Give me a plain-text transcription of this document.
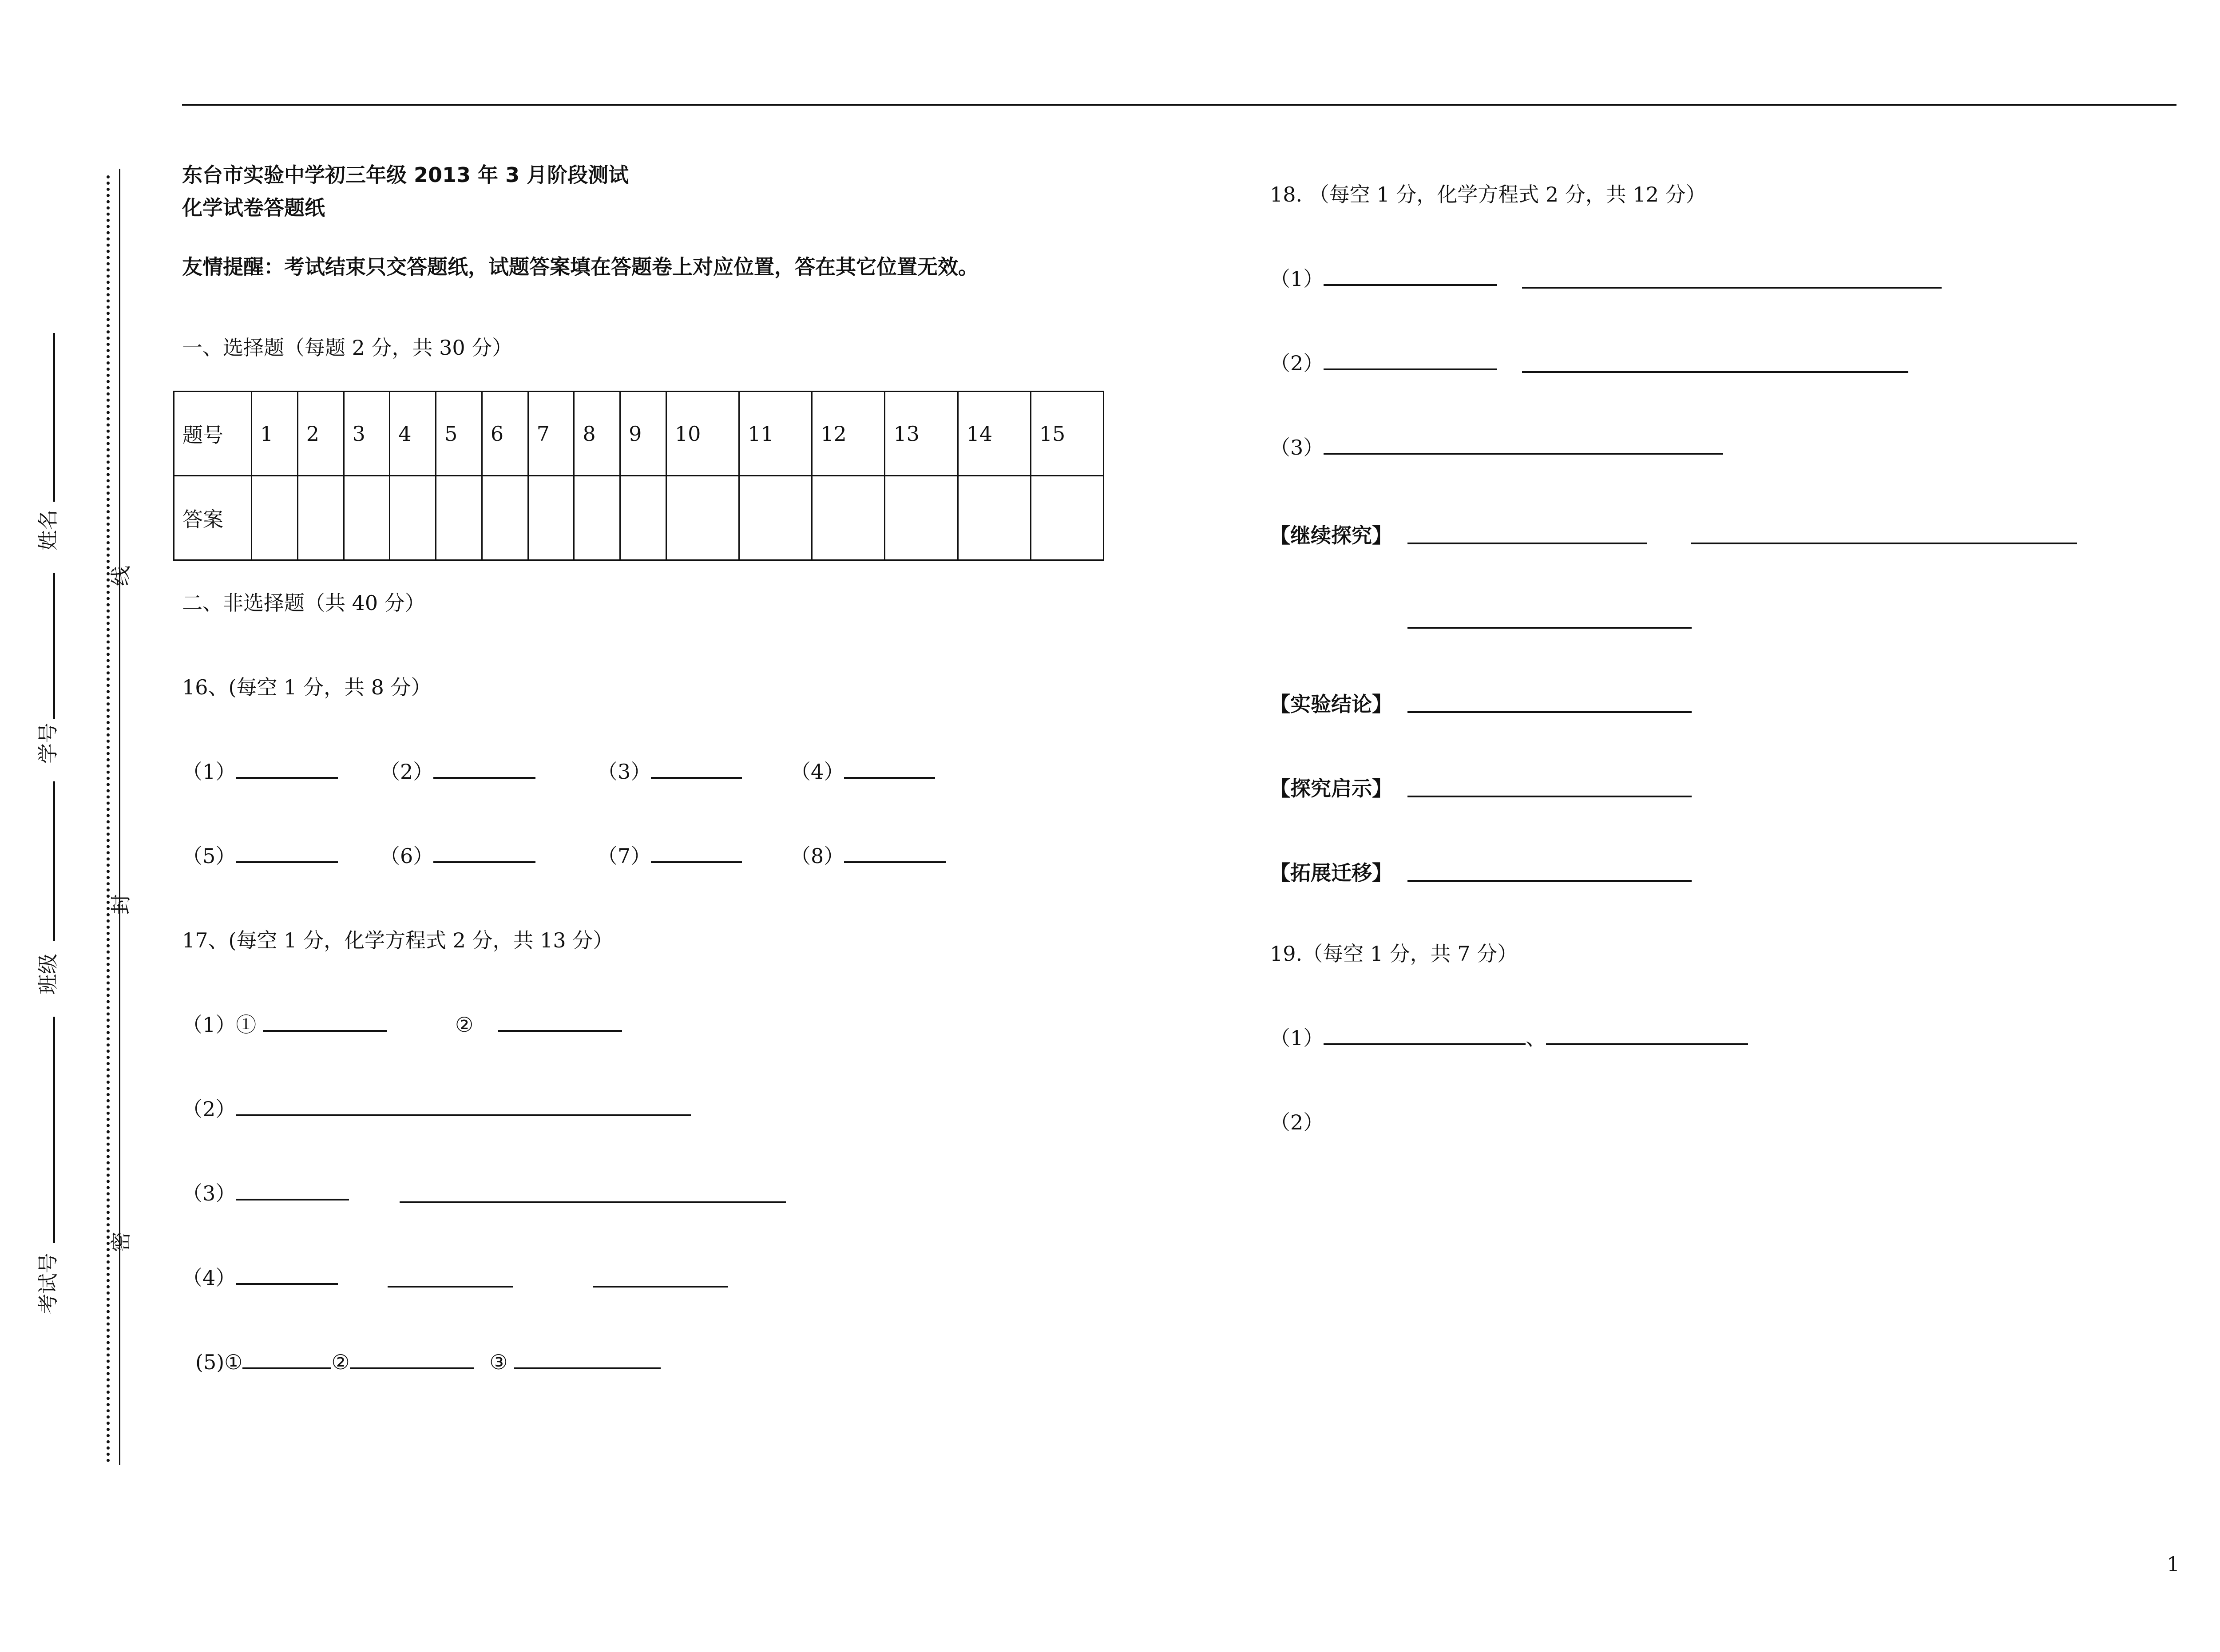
姓名
学号
班级
考试号
线
封
密
东台市实验中学初三年级 2013 年 3 月阶段测试
化学试卷答题纸
友情提醒：考试结束只交答题纸，试题答案填在答题卷上对应位置，答在其它位置无效。
一、选择题（每题 2 分，共 30 分）
题号	1	2	3	4	5	6	7	8	9	10	11	12	13	14	15
答案															
二、非选择题（共 40 分）
16、(每空 1 分，共 8 分）
（1）	（2）	（3）	（4）
（5）	（6）	（7）	（8）
17、(每空 1 分，化学方程式 2 分，共 13 分）
（1）①	②
（2）
（3）
（4）
(5)①	②	③
18. （每空 1 分，化学方程式 2 分，共 12 分）
（1）
（2）
（3）
【继续探究】
【实验结论】
【探究启示】
【拓展迁移】
19.（每空 1 分，共 7 分）
（1）	、
（2）
1
